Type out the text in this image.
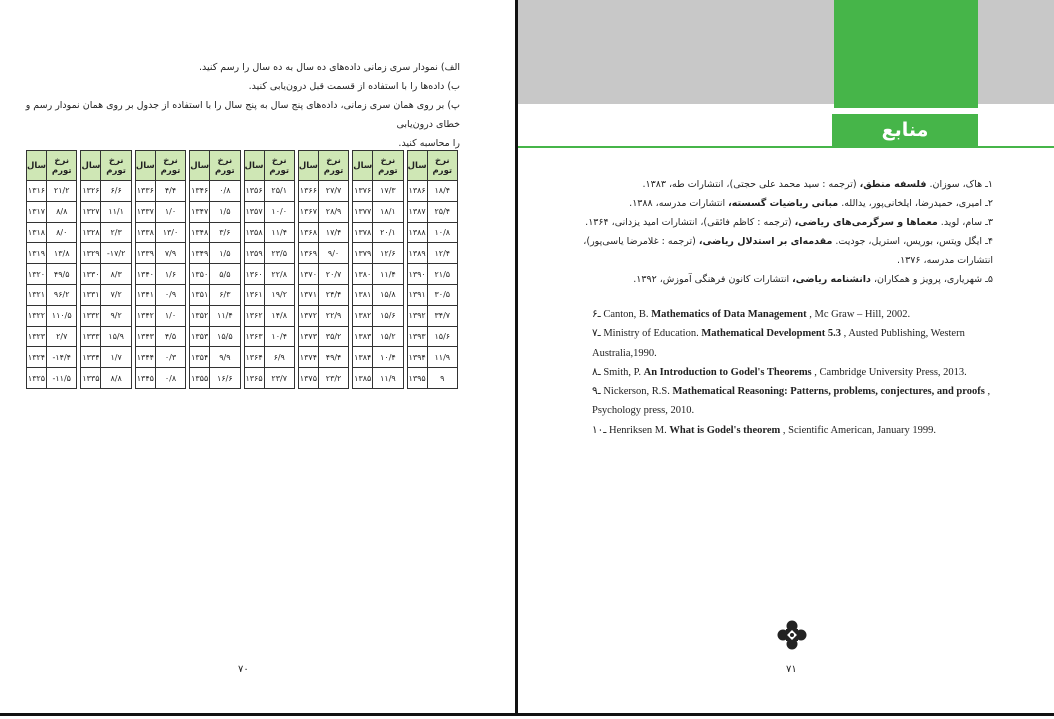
الف) نمودار سری زمانی داده‌های ده سال به ده سال را رسم کنید.

ب) داده‌ها را با استفاده از قسمت قبل درون‌یابی کنید.

پ) بر روی همان سری زمانی، داده‌های پنج سال به پنج سال را با استفاده از جدول بر روی همان نمودار رسم و خطای درون‌یابی

را محاسبه کنید.

نرخ تورم	سال		نرخ تورم	سال		نرخ تورم	سال		نرخ تورم	سال		نرخ تورم	سال		نرخ تورم	سال		نرخ تورم	سال		نرخ تورم	سال
۱۸/۴	۱۳۸۶		۱۷/۳	۱۳۷۶		۲۷/۷	۱۳۶۶		۲۵/۱	۱۳۵۶		۰/۸	۱۳۴۶		۴/۴	۱۳۳۶		۶/۶	۱۳۲۶		۲۱/۲	۱۳۱۶
۲۵/۴	۱۳۸۷		۱۸/۱	۱۳۷۷		۲۸/۹	۱۳۶۷		۱۰/۰	۱۳۵۷		۱/۵	۱۳۴۷		۱/۰	۱۳۳۷		۱۱/۱	۱۳۲۷		۸/۸	۱۳۱۷
۱۰/۸	۱۳۸۸		۲۰/۱	۱۳۷۸		۱۷/۴	۱۳۶۸		۱۱/۴	۱۳۵۸		۳/۶	۱۳۴۸		۱۳/۰	۱۳۳۸		۲/۳	۱۳۲۸		۸/۰	۱۳۱۸
۱۲/۴	۱۳۸۹		۱۲/۶	۱۳۷۹		۹/۰	۱۳۶۹		۲۳/۵	۱۳۵۹		۱/۵	۱۳۴۹		۷/۹	۱۳۳۹		۱۷/۲-	۱۳۲۹		۱۳/۸	۱۳۱۹
۲۱/۵	۱۳۹۰		۱۱/۴	۱۳۸۰		۲۰/۷	۱۳۷۰		۲۲/۸	۱۳۶۰		۵/۵	۱۳۵۰		۱/۶	۱۳۴۰		۸/۳	۱۳۳۰		۴۹/۵	۱۳۲۰
۳۰/۵	۱۳۹۱		۱۵/۸	۱۳۸۱		۲۴/۴	۱۳۷۱		۱۹/۲	۱۳۶۱		۶/۳	۱۳۵۱		۰/۹	۱۳۴۱		۷/۲	۱۳۳۱		۹۶/۲	۱۳۲۱
۳۴/۷	۱۳۹۲		۱۵/۶	۱۳۸۲		۲۲/۹	۱۳۷۲		۱۴/۸	۱۳۶۲		۱۱/۴	۱۳۵۲		۱/۰	۱۳۴۲		۹/۲	۱۳۳۲		۱۱۰/۵	۱۳۲۲
۱۵/۶	۱۳۹۳		۱۵/۲	۱۳۸۳		۳۵/۲	۱۳۷۳		۱۰/۴	۱۳۶۳		۱۵/۵	۱۳۵۳		۴/۵	۱۳۴۳		۱۵/۹	۱۳۳۳		۲/۷	۱۳۲۳
۱۱/۹	۱۳۹۴		۱۰/۴	۱۳۸۴		۴۹/۴	۱۳۷۴		۶/۹	۱۳۶۴		۹/۹	۱۳۵۴		۰/۳	۱۳۴۴		۱/۷	۱۳۳۴		۱۴/۴-	۱۳۲۴
۹	۱۳۹۵		۱۱/۹	۱۳۸۵		۲۳/۲	۱۳۷۵		۲۳/۷	۱۳۶۵		۱۶/۶	۱۳۵۵		۰/۸	۱۳۴۵		۸/۸	۱۳۳۵		۱۱/۵-	۱۳۲۵
۷۰
منابع
۱ـ هاک، سوزان. فلسفه منطق، (ترجمه : سید محمد علی حجتی)، انتشارات طه، ۱۳۸۳.
۲ـ امیری، حمیدرضا، ایلخانی‌پور، یدالله. مبانی ریاضیات گسسته، انتشارات مدرسه، ۱۳۸۸.
۳ـ سام، لوید. معماها و سرگرمی‌های ریاضی، (ترجمه : کاظم فائقی)، انتشارات امید یزدانی، ۱۳۶۴.
۴ـ ایگل ویتس، بوریس، استریل، جودیت. مقدمه‌ای بر استدلال ریاضی، (ترجمه : غلامرضا یاسی‌پور)، انتشارات مدرسه، ۱۳۷۶.
۵ـ شهریاری، پرویز و همکاران، دانشنامه ریاضی، انتشارات کانون فرهنگی آموزش، ۱۳۹۲.
۶ـ Canton, B. Mathematics of Data Management , Mc Graw – Hill, 2002.
۷ـ Ministry of Education. Mathematical Development 5.3 , Austed Publishing, Western Australia,1990.
۸ـ Smith, P. An Introduction to Godel's Theorems , Cambridge University Press, 2013.
۹ـ Nickerson, R.S. Mathematical Reasoning: Patterns, problems, conjectures, and proofs , Psychology press, 2010.
۱۰ـ Henriksen M. What is Godel's theorem , Scientific American, January 1999.
۷۱
